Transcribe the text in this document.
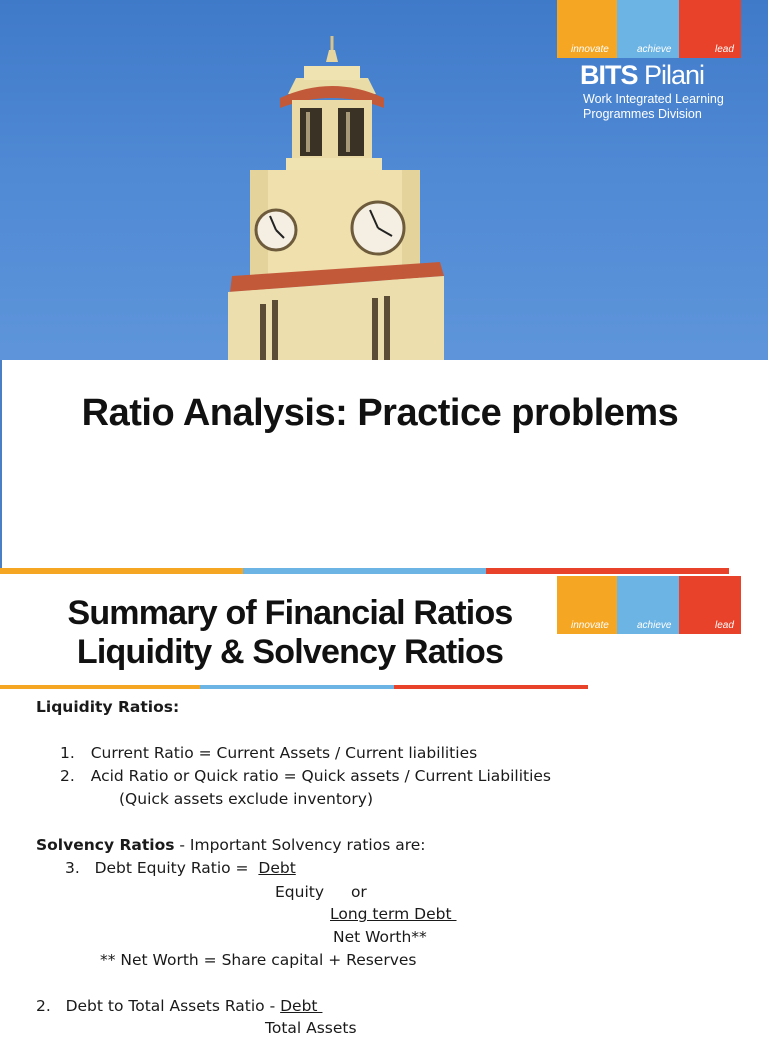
innovate	achieve	lead
BITS Pilani
Work Integrated Learning
Programmes Division
Ratio Analysis: Practice problems
innovate	achieve	lead
Summary of Financial Ratios
Liquidity & Solvency Ratios
Liquidity Ratios:
1. Current Ratio = Current Assets / Current liabilities
2. Acid Ratio or Quick ratio = Quick assets / Current Liabilities
(Quick assets exclude inventory)
Solvency Ratios - Important Solvency ratios are:
3.   Debt Equity Ratio =  Debt
Equity or
Long term Debt
Net Worth**
** Net Worth = Share capital + Reserves
2.   Debt to Total Assets Ratio - Debt
Total Assets
